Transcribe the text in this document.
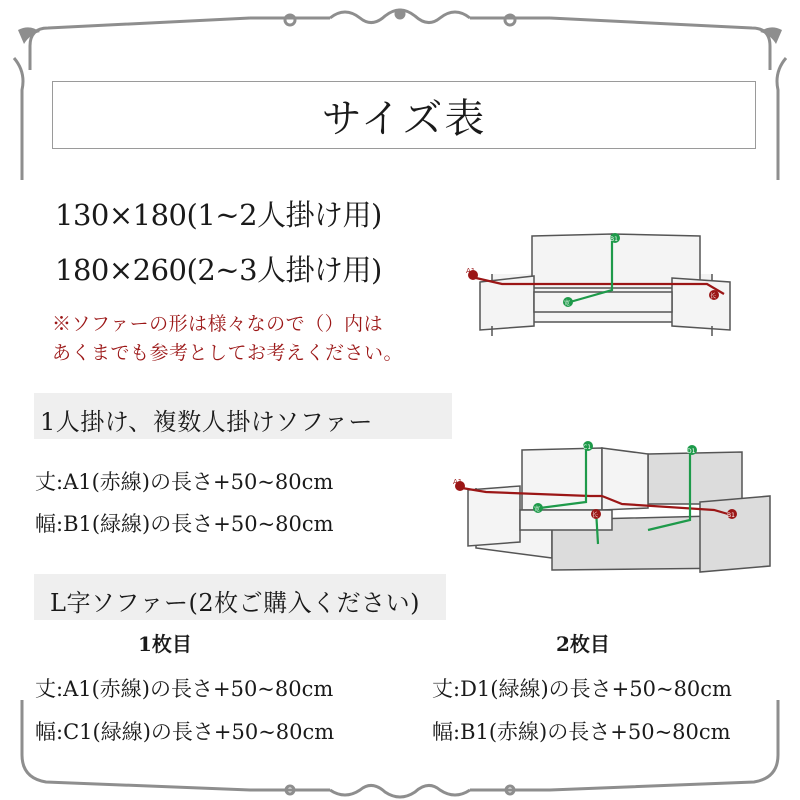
サイズ表
130×180(1~2人掛け用)
180×260(2~3人掛け用)
※ソファーの形は様々なので（）内は
あくまでも参考としてお考えください。
A1
B1
宽
长
1人掛け、複数人掛けソファー
丈:A1(赤線)の長さ+50~80cm
幅:B1(緑線)の長さ+50~80cm
A1
C1
D1
B1
宽
长
L字ソファー(2枚ご購入ください)
1枚目	2枚目
丈:A1(赤線)の長さ+50~80cm
幅:C1(緑線)の長さ+50~80cm
丈:D1(緑線)の長さ+50~80cm
幅:B1(赤線)の長さ+50~80cm
